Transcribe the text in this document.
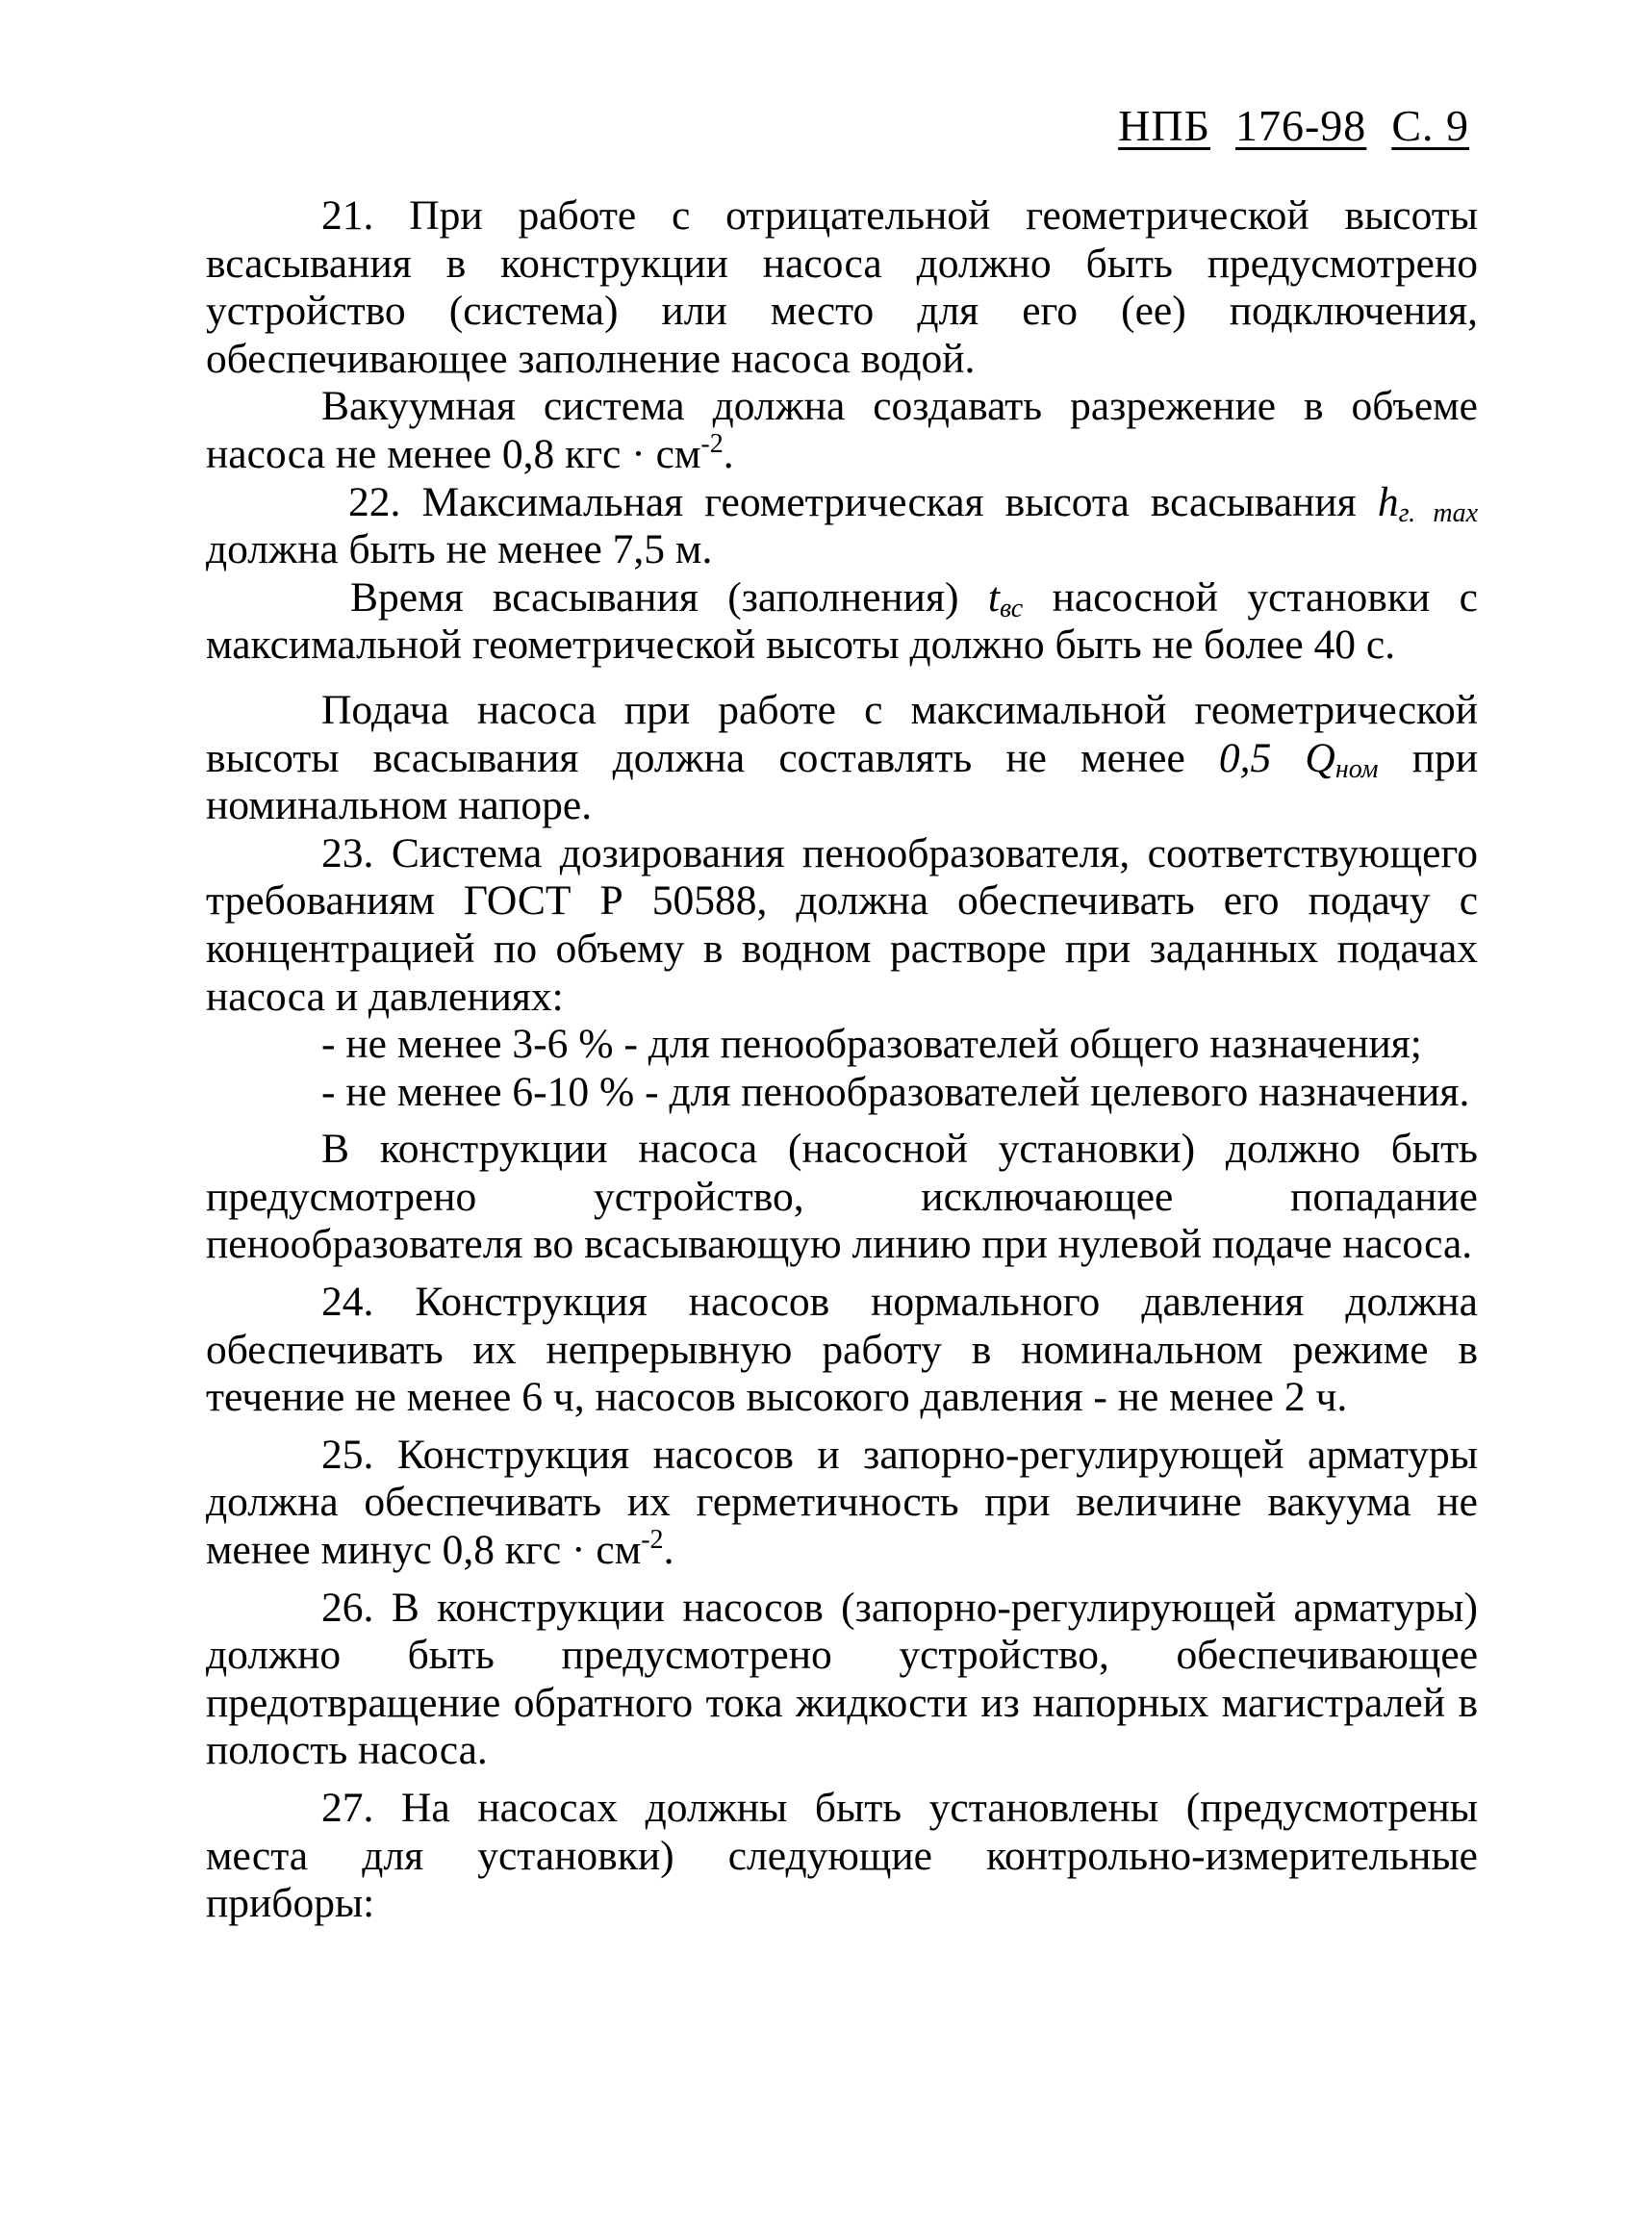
НПБ 176-98 С. 9

21. При работе с отрицательной геометрической высоты всасывания в конструкции насоса должно быть предусмотрено устройство (система) или место для его (ее) подключения, обеспечивающее заполнение насоса водой.

Вакуумная система должна создавать разрежение в объеме насоса не менее 0,8 кгс · $см^{-2}$.

22. Максимальная геометрическая высота всасывания $h_{г. max}$ должна быть не менее 7,5 м.

Время всасывания (заполнения) $t_{вс}$ насосной установки с максимальной геометрической высоты должно быть не более 40 с.

Подача насоса при работе с максимальной геометрической высоты всасывания должна составлять не менее 0,5 $Q_{ном}$ при номинальном напоре.

23. Система дозирования пенообразователя, соответствующего требованиям ГОСТ Р 50588, должна обеспечивать его подачу с концентрацией по объему в водном растворе при заданных подачах насоса и давлениях:

- не менее 3-6 % - для пенообразователей общего назначения;

- не менее 6-10 % - для пенообразователей целевого назначения.

В конструкции насоса (насосной установки) должно быть предусмотрено устройство, исключающее попадание пенообразователя во всасывающую линию при нулевой подаче насоса.

24. Конструкция насосов нормального давления должна обеспечивать их непрерывную работу в номинальном режиме в течение не менее 6 ч, насосов высокого давления - не менее 2 ч.

25. Конструкция насосов и запорно-регулирующей арматуры должна обеспечивать их герметичность при величине вакуума не менее минус 0,8 кгс · $см^{-2}$.

26. В конструкции насосов (запорно-регулирующей арматуры) должно быть предусмотрено устройство, обеспечивающее предотвращение обратного тока жидкости из напорных магистралей в полость насоса.

27. На насосах должны быть установлены (предусмотрены места для установки) следующие контрольно-измерительные приборы:
